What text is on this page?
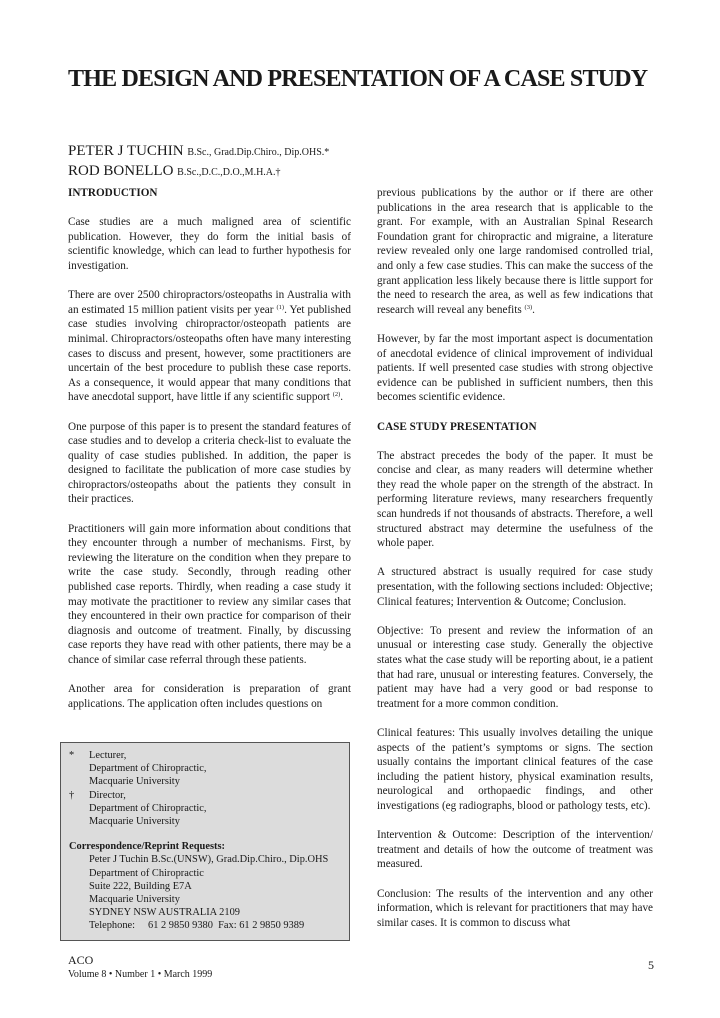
THE DESIGN AND PRESENTATION OF A CASE STUDY
PETER J TUCHIN B.Sc., Grad.Dip.Chiro., Dip.OHS.*
ROD BONELLO B.Sc.,D.C.,D.O.,M.H.A.†
INTRODUCTION

Case studies are a much maligned area of scientific publication. However, they do form the initial basis of scientific knowledge, which can lead to further hypothesis for investigation.

There are over 2500 chiropractors/osteopaths in Australia with an estimated 15 million patient visits per year $^{(1)}$. Yet published case studies involving chiropractor/osteopath patients are minimal. Chiropractors/osteopaths often have many interesting cases to discuss and present, however, some practitioners are uncertain of the best procedure to publish these case reports. As a consequence, it would appear that many conditions that have anecdotal support, have little if any scientific support $^{(2)}$.

One purpose of this paper is to present the standard features of case studies and to develop a criteria check-list to evaluate the quality of case studies published. In addition, the paper is designed to facilitate the publication of more case studies by chiropractors/osteopaths about the patients they consult in their practices.

Practitioners will gain more information about conditions that they encounter through a number of mechanisms. First, by reviewing the literature on the condition when they prepare to write the case study. Secondly, through reading other published case reports. Thirdly, when reading a case study it may motivate the practitioner to review any similar cases that they encountered in their own practice for comparison of their diagnosis and outcome of treatment. Finally, by discussing case reports they have read with other patients, there may be a chance of similar case referral through these patients.

Another area for consideration is preparation of grant applications. The application often includes questions on

previous publications by the author or if there are other publications in the area research that is applicable to the grant. For example, with an Australian Spinal Research Foundation grant for chiropractic and migraine, a literature review revealed only one large randomised controlled trial, and only a few case studies. This can make the success of the grant application less likely because there is little support for the need to research the area, as well as few indications that research will reveal any benefits $^{(3)}$.

However, by far the most important aspect is documentation of anecdotal evidence of clinical improvement of individual patients. If well presented case studies with strong objective evidence can be published in sufficient numbers, then this becomes scientific evidence.

CASE STUDY PRESENTATION

The abstract precedes the body of the paper. It must be concise and clear, as many readers will determine whether they read the whole paper on the strength of the abstract. In performing literature reviews, many researchers frequently scan hundreds if not thousands of abstracts. Therefore, a well structured abstract may determine the usefulness of the whole paper.

A structured abstract is usually required for case study presentation, with the following sections included: Objective; Clinical features; Intervention & Outcome; Conclusion.

Objective: To present and review the information of an unusual or interesting case study. Generally the objective states what the case study will be reporting about, ie a patient that had rare, unusual or interesting features. Conversely, the patient may have had a very good or bad response to treatment for a more common condition.

Clinical features: This usually involves detailing the unique aspects of the patient’s symptoms or signs. The section usually contains the important clinical features of the case including the patient history, physical examination results, neurological and orthopaedic findings, and other investigations (eg radiographs, blood or pathology tests, etc).

Intervention & Outcome: Description of the intervention/ treatment and details of how the outcome of treatment was measured.

Conclusion: The results of the intervention and any other information, which is relevant for practitioners that may have similar cases. It is common to discuss what

*	Lecturer,
Department of Chiropractic,
Macquarie University
†	Director,
Department of Chiropractic,
Macquarie University
Correspondence/Reprint Requests:
Peter J Tuchin B.Sc.(UNSW), Grad.Dip.Chiro., Dip.OHS
Department of Chiropractic
Suite 222, Building E7A
Macquarie University
SYDNEY NSW AUSTRALIA 2109
Telephone:     61 2 9850 9380  Fax: 61 2 9850 9389
ACO
Volume 8 • Number 1 • March 1999
5
